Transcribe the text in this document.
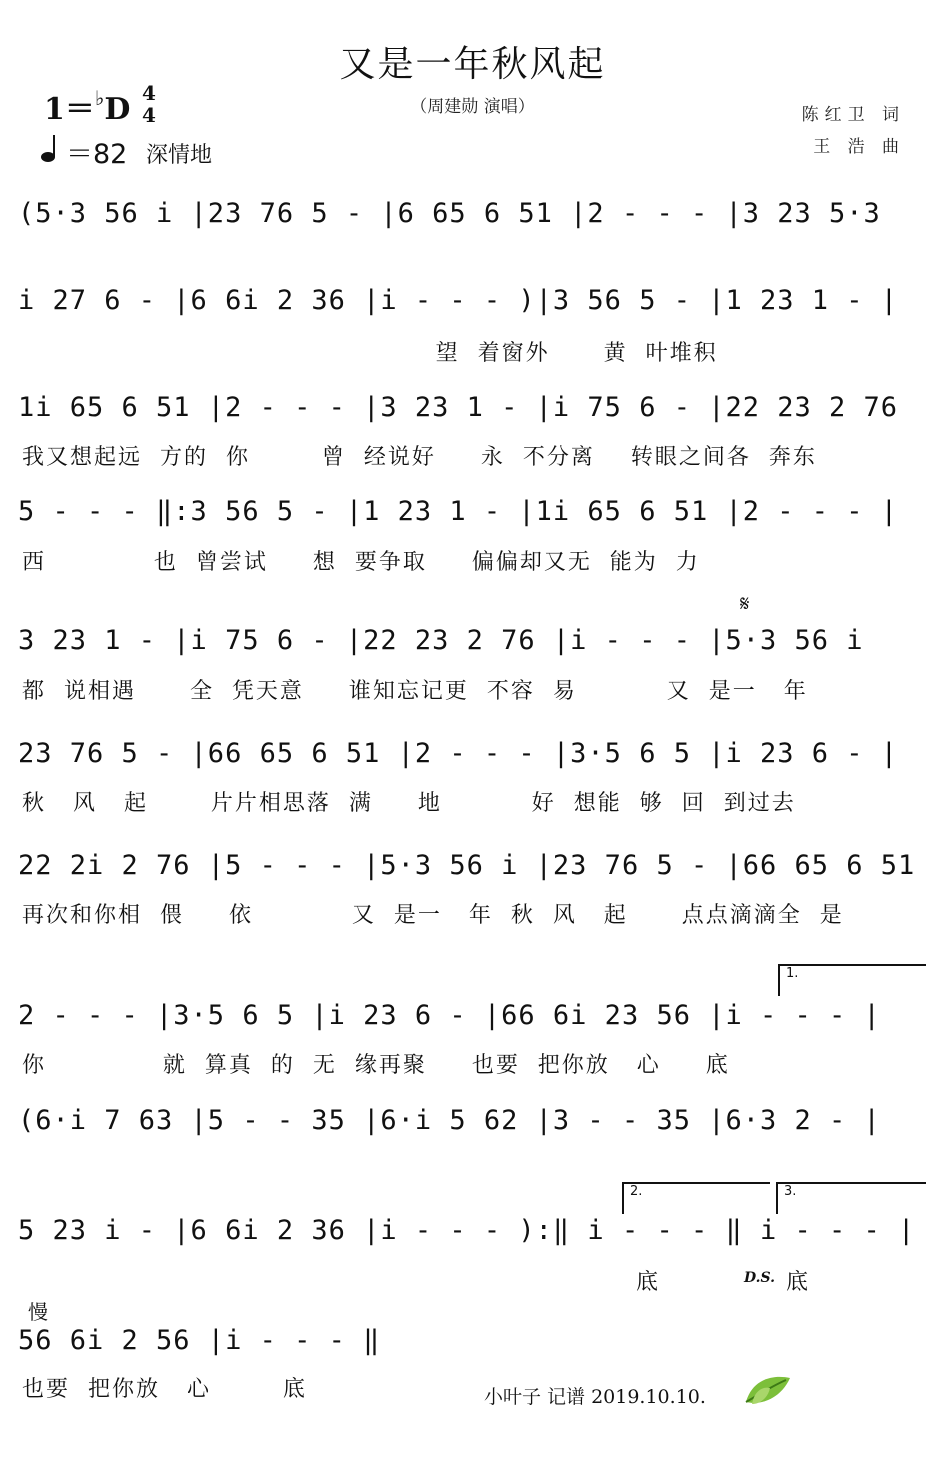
又是一年秋风起
（周建勋 演唱）
1＝♭D 4
4
＝82 深情地
陈红卫 词
王 浩 曲
(5·3 56 i |23 76 5 - |6 65 6 51 |2 - - - |3 23 5·3
i 27 6 - |6 6i 2 36 |i - - - )|3 56 5 - |1 23 1 - |
望  着窗外      黄  叶堆积
1i 65 6 51 |2 - - - |3 23 1 - |i 75 6 - |22 23 2 76
我又想起远  方的  你        曾  经说好     永  不分离    转眼之间各  奔东
5 - - - ‖:3 56 5 - |1 23 1 - |1i 65 6 51 |2 - - - |
西            也  曾尝试     想  要争取     偏偏却又无  能为  力
𝄋
3 23 1 - |i 75 6 - |22 23 2 76 |i - - - |5·3 56 i
都  说相遇      全  凭天意     谁知忘记更  不容  易          又  是一   年
23 76 5 - |66 65 6 51 |2 - - - |3·5 6 5 |i 23 6 - |
秋   风   起       片片相思落  满     地          好  想能  够  回  到过去
22 2i 2 76 |5 - - - |5·3 56 i |23 76 5 - |66 65 6 51
再次和你相  偎     依           又  是一   年  秋  风   起      点点滴滴全  是
1.
2 - - - |3·5 6 5 |i 23 6 - |66 6i 23 56 |i - - - |
你             就  算真  的  无  缘再聚     也要  把你放   心     底
(6·i 7 63 |5 - - 35 |6·i 5 62 |3 - - 35 |6·3 2 - |
2.	3.
5 23 i - |6 6i 2 36 |i - - - ):‖ i - - - ‖ i - - - |
底	D.S. 底
慢
56 6i 2 56 |i - - - ‖
也要  把你放   心        底	小叶子 记谱 2019.10.10.
